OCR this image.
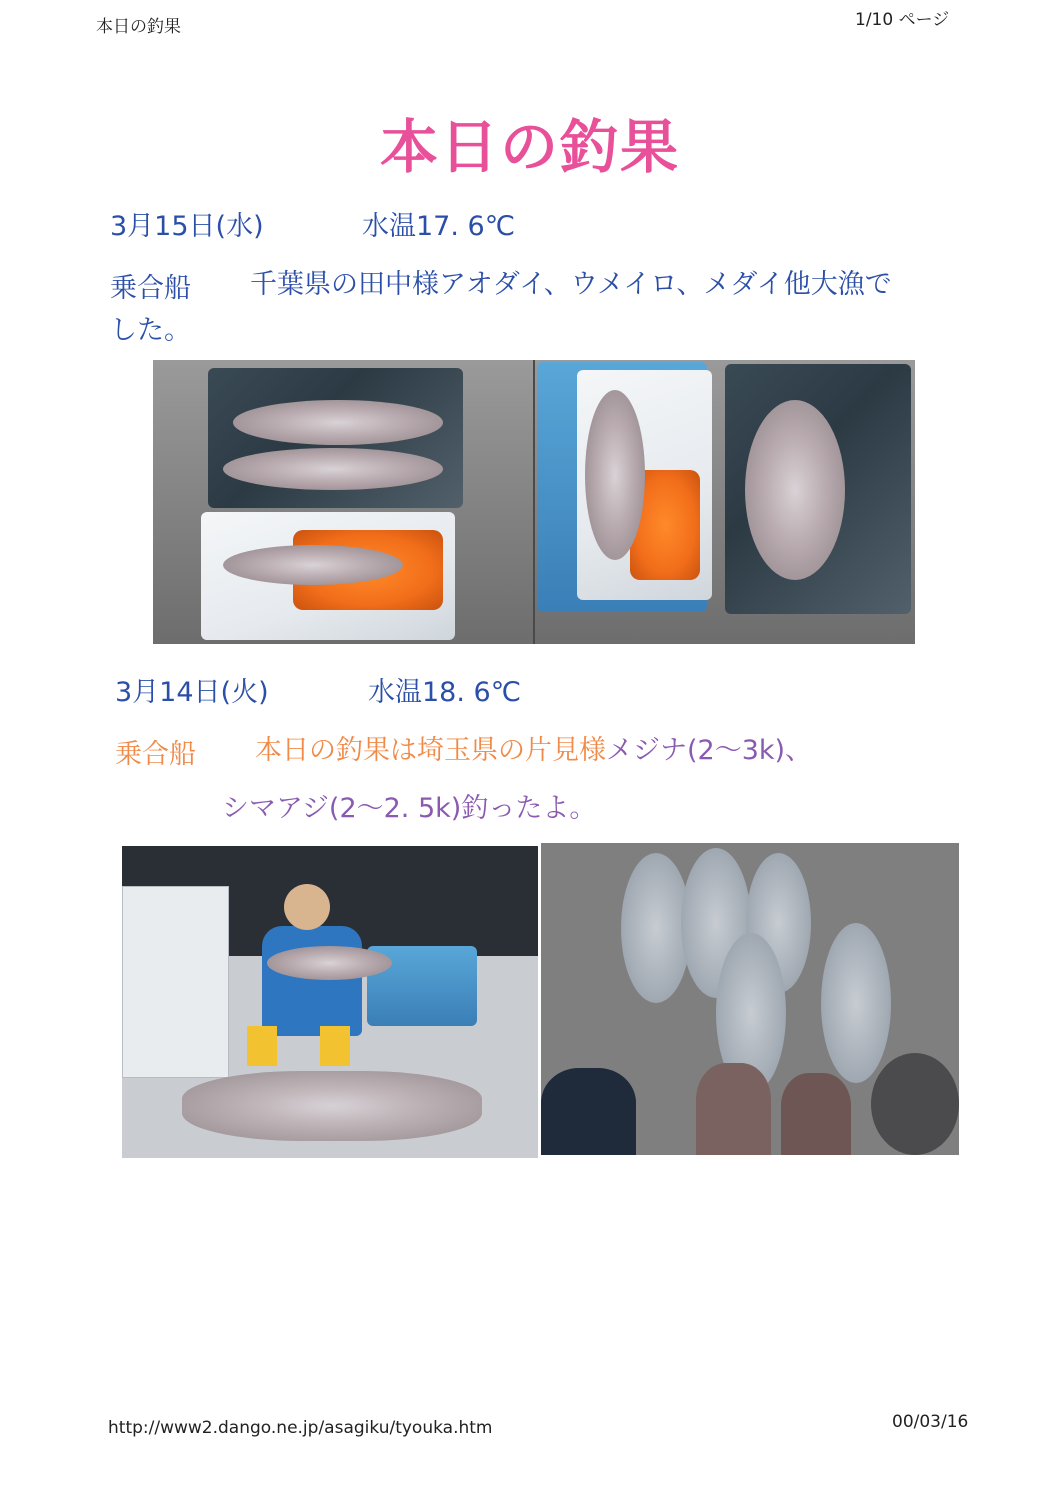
本日の釣果	1/10 ページ
本日の釣果
3月15日(水)	水温17. 6℃
乗合船 千葉県の田中様アオダイ、ウメイロ、メダイ他大漁で
した。
3月14日(火)	水温18. 6℃
乗合船 本日の釣果は埼玉県の片見様メジナ(2～3k)、
シマアジ(2～2. 5k)釣ったよ。
http://www2.dango.ne.jp/asagiku/tyouka.htm	00/03/16
